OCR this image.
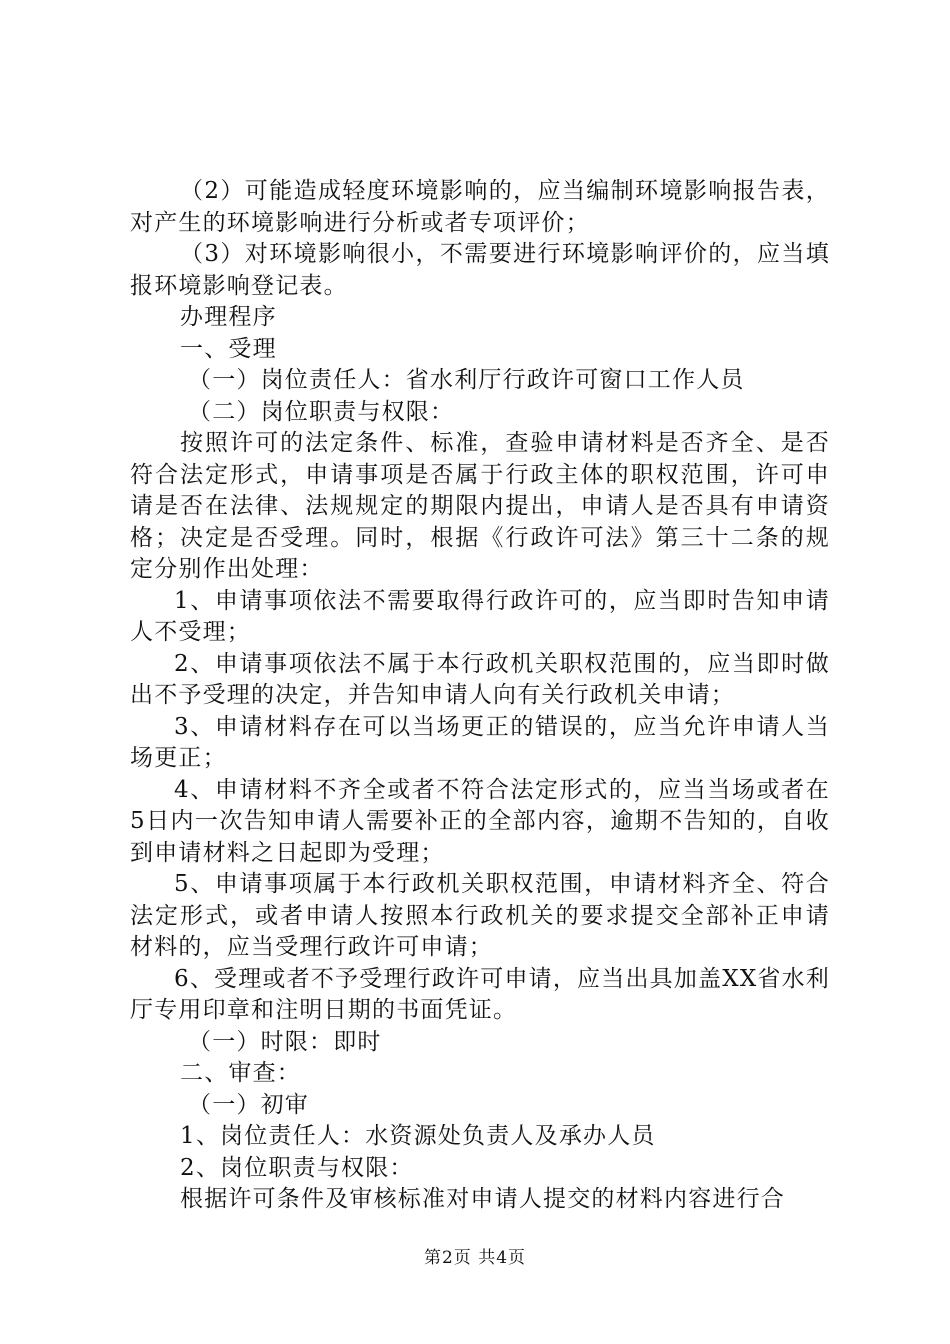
（2）可能造成轻度环境影响的，应当编制环境影响报告表，对产生的环境影响进行分析或者专项评价；

（3）对环境影响很小，不需要进行环境影响评价的，应当填报环境影响登记表。

办理程序

一、受理

（一）岗位责任人：省水利厅行政许可窗口工作人员

（二）岗位职责与权限：

按照许可的法定条件、标准，查验申请材料是否齐全、是否符合法定形式，申请事项是否属于行政主体的职权范围，许可申请是否在法律、法规规定的期限内提出，申请人是否具有申请资格；决定是否受理。同时，根据《行政许可法》第三十二条的规定分别作出处理：

1、申请事项依法不需要取得行政许可的，应当即时告知申请人不受理；

2、申请事项依法不属于本行政机关职权范围的，应当即时做出不予受理的决定，并告知申请人向有关行政机关申请；

3、申请材料存在可以当场更正的错误的，应当允许申请人当场更正；

4、申请材料不齐全或者不符合法定形式的，应当当场或者在5日内一次告知申请人需要补正的全部内容，逾期不告知的，自收到申请材料之日起即为受理；

5、申请事项属于本行政机关职权范围，申请材料齐全、符合法定形式，或者申请人按照本行政机关的要求提交全部补正申请材料的，应当受理行政许可申请；

6、受理或者不予受理行政许可申请，应当出具加盖XX省水利厅专用印章和注明日期的书面凭证。

（一）时限：即时

二、审查：

（一）初审

1、岗位责任人：水资源处负责人及承办人员

2、岗位职责与权限：

根据许可条件及审核标准对申请人提交的材料内容进行合

第2页 共4页
